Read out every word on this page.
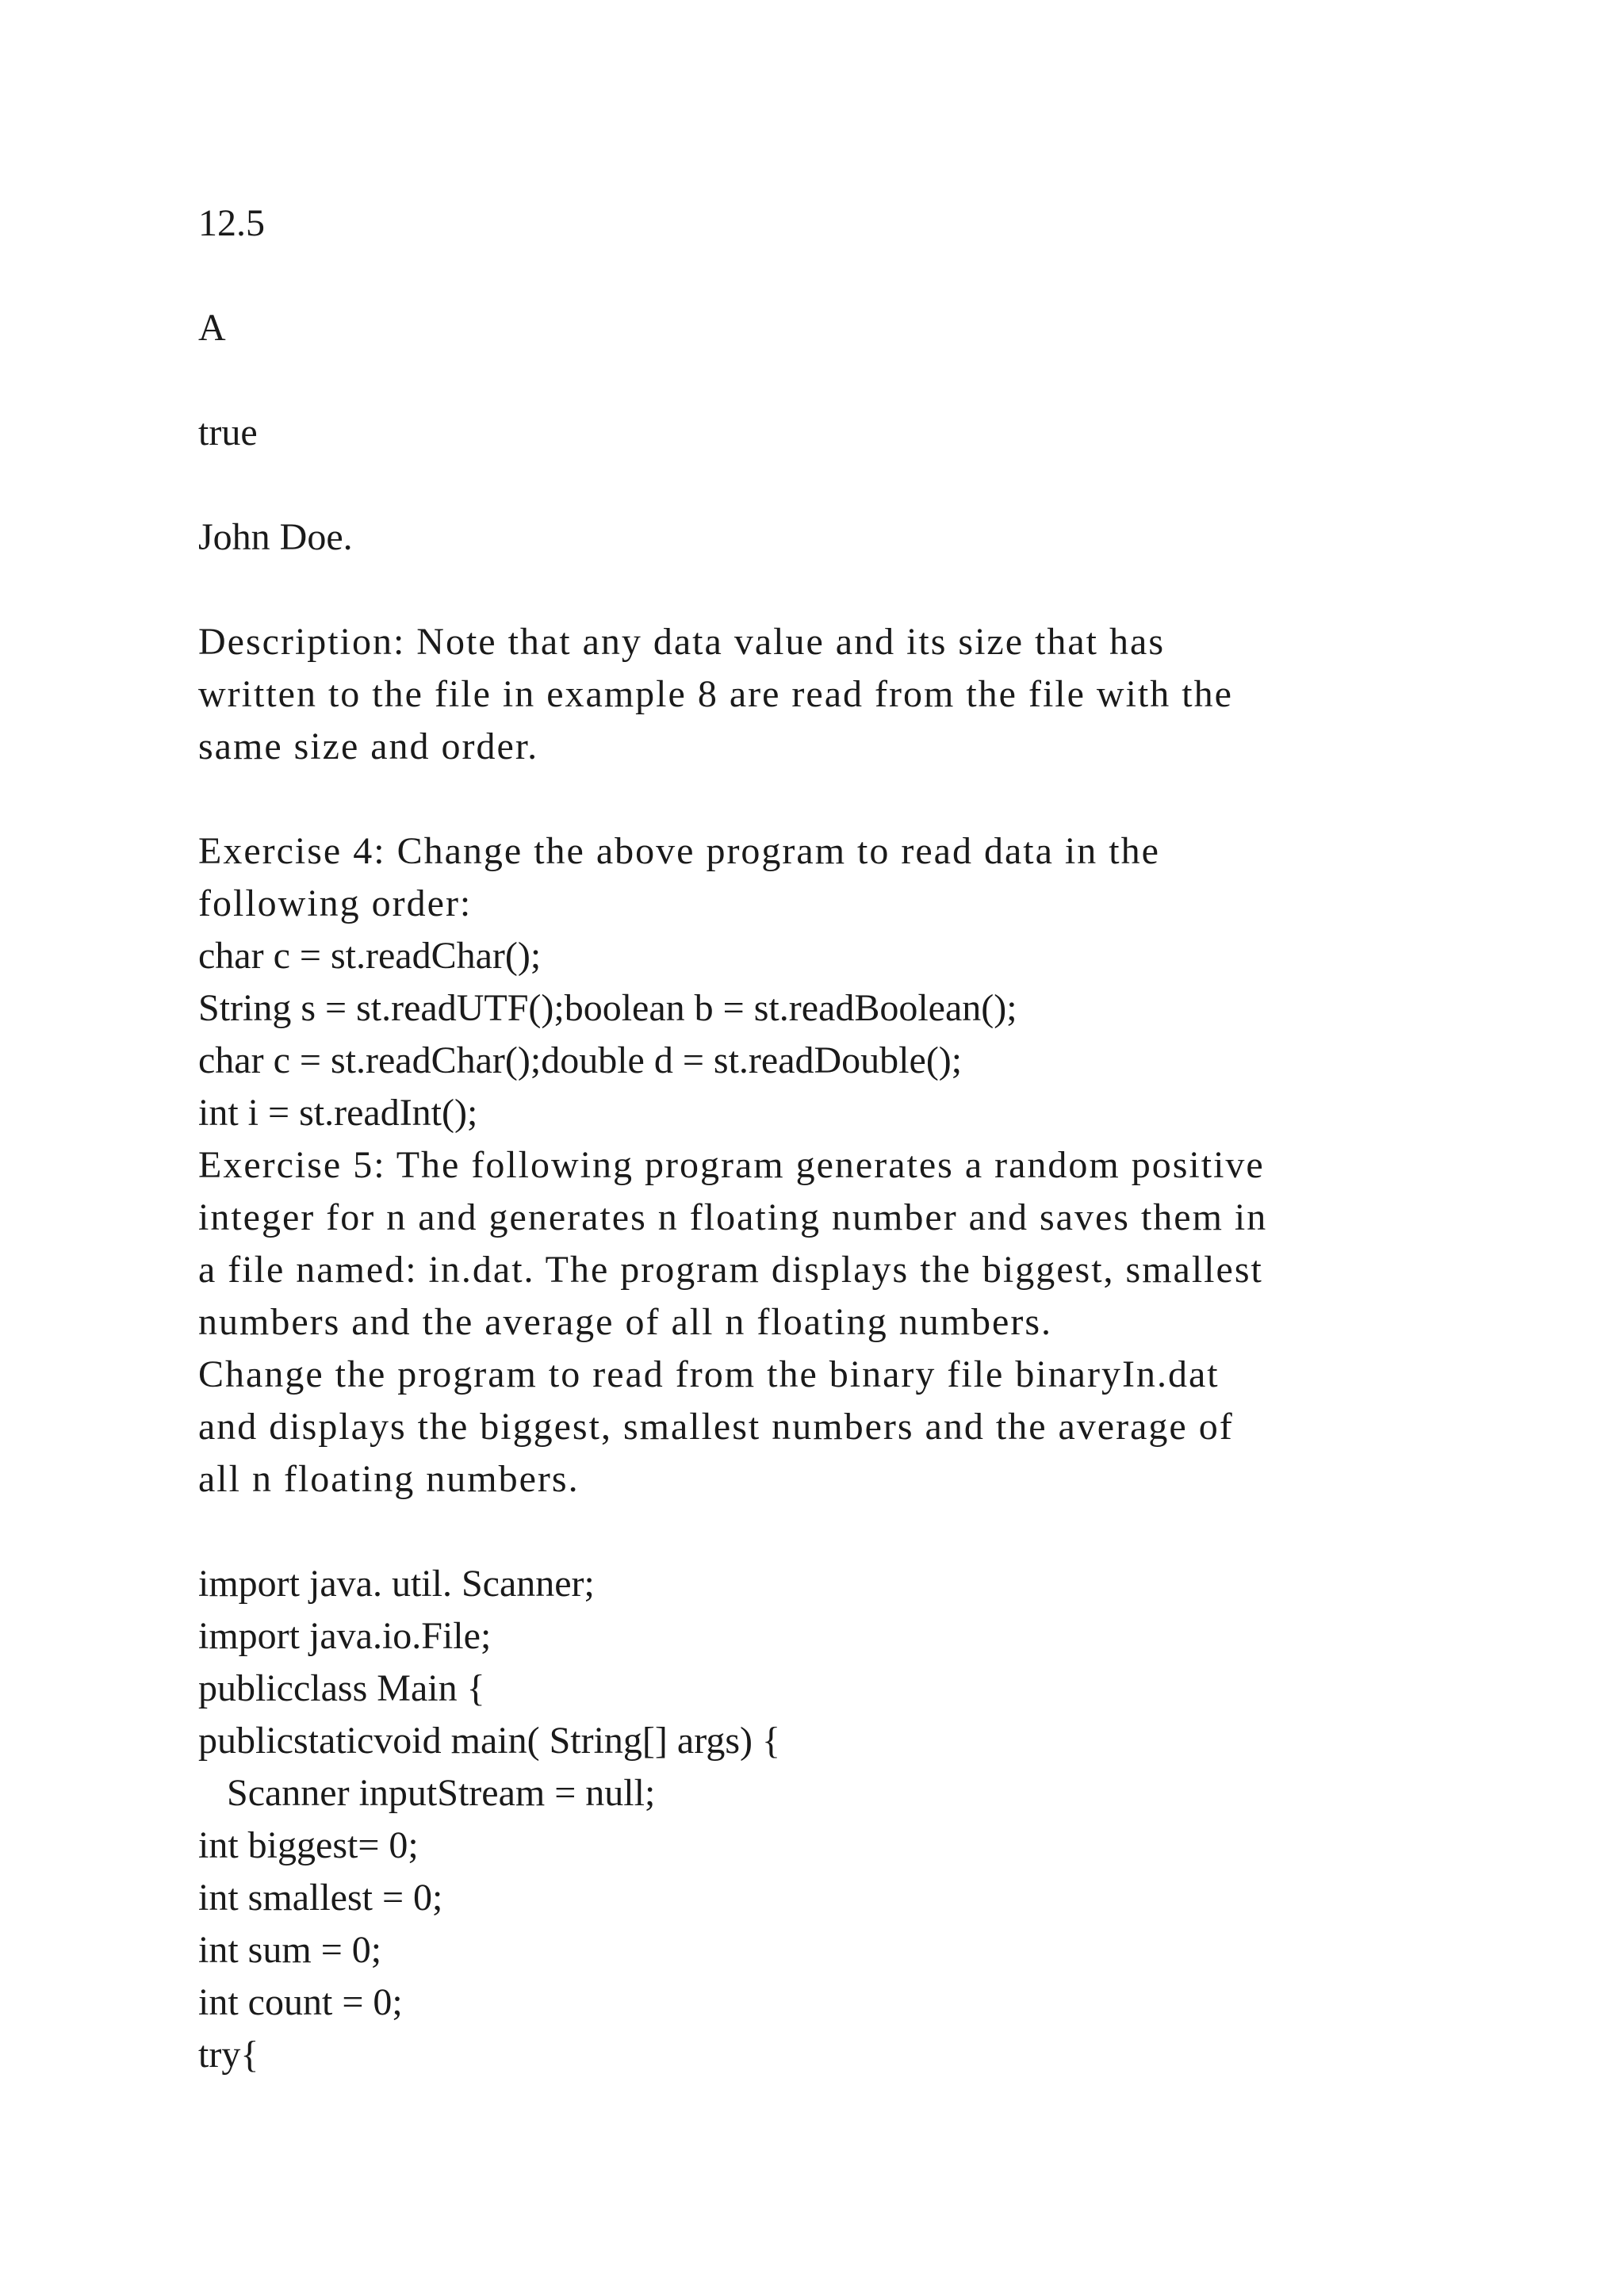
12.5

A

true

John Doe.

Description: Note that any data value and its size that has

written to the file in example 8 are read from the file with the

same size and order.

Exercise 4: Change the above program to read data in the

following order:

char c = st.readChar();

String s = st.readUTF();boolean b = st.readBoolean();

char c = st.readChar();double d = st.readDouble();

int i = st.readInt();

Exercise 5: The following program generates a random positive

integer for n and generates n floating number and saves them in

a file named: in.dat. The program displays the biggest, smallest

numbers and the average of all n floating numbers.

Change the program to read from the binary file binaryIn.dat

and displays the biggest, smallest numbers and the average of

all n floating numbers.

import java. util. Scanner;

import java.io.File;

publicclass Main {

publicstaticvoid main( String[] args) {

Scanner inputStream = null;

int biggest= 0;

int smallest = 0;

int sum = 0;

int count = 0;

try{
